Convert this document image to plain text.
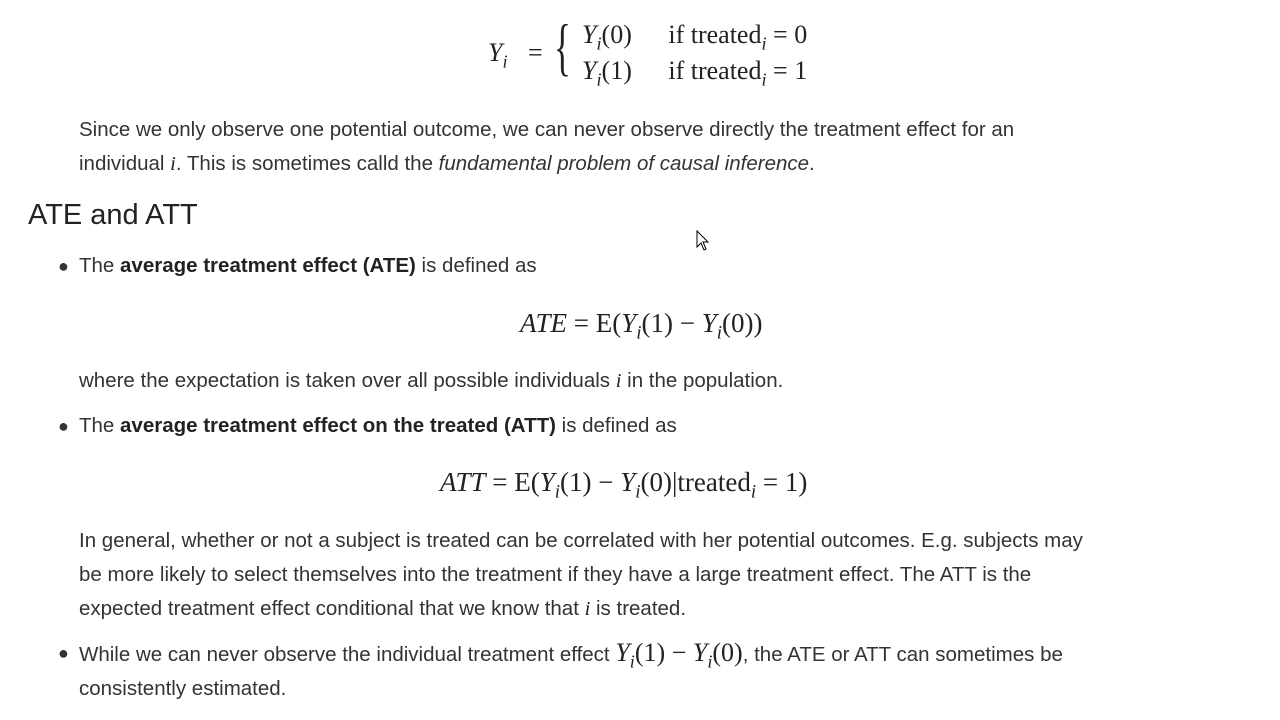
$Y_i$ = { $Y_i(0)$ if treated$_i$ = 0
$Y_i(1)$ if treated$_i$ = 1
Since we only observe one potential outcome, we can never observe directly the treatment effect for an
individual i. This is sometimes calld the fundamental problem of causal inference.
ATE and ATT
● The average treatment effect (ATE) is defined as
ATE = $E(Y_i(1) - Y_i(0))$
where the expectation is taken over all possible individuals i in the population.
● The average treatment effect on the treated (ATT) is defined as
ATT = $E(Y_i(1)$ − $Y_i(0)|treated_i = 1$)
In general, whether or not a subject is treated can be correlated with her potential outcomes. E.g. subjects may
be more likely to select themselves into the treatment if they have a large treatment effect. The ATT is the
expected treatment effect conditional that we know that i is treated.
● While we can never observe the individual treatment effect $Y_i(1) - Y_i(0)$, the ATE or ATT can sometimes be
consistently estimated.
